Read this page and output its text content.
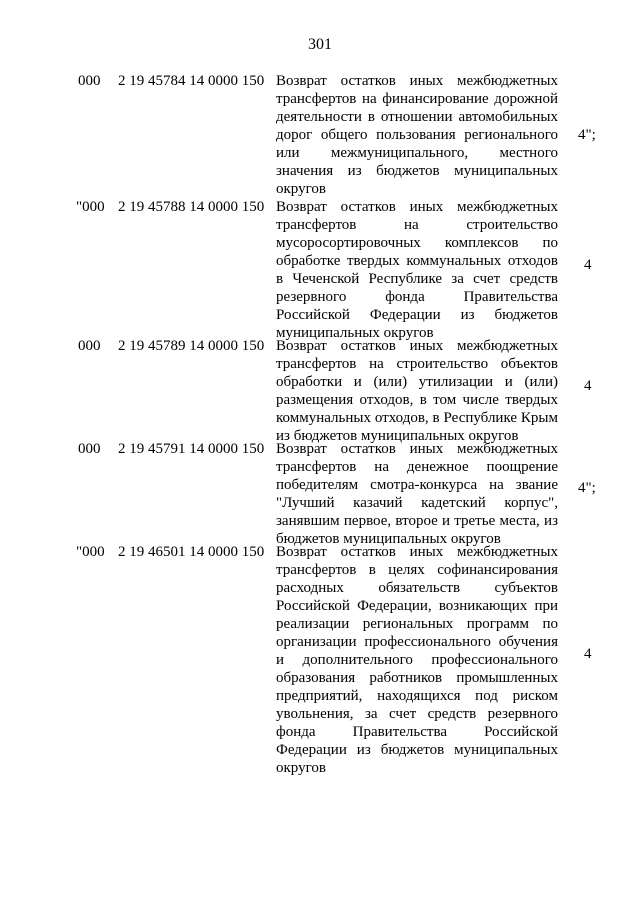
301
000 2 19 45784 14 0000 150 Возврат остатков иных межбюджетных
трансфертов на финансирование дорожной
деятельности в отношении автомобильных
дорог общего пользования регионального
или межмуниципального, местного
значения из бюджетов муниципальных
округов
4";
"000 2 19 45788 14 0000 150 Возврат остатков иных межбюджетных
трансфертов на строительство
мусоросортировочных комплексов по
обработке твердых коммунальных отходов
в Чеченской Республике за счет средств
резервного фонда Правительства
Российской Федерации из бюджетов
муниципальных округов
4
000 2 19 45789 14 0000 150 Возврат остатков иных межбюджетных
трансфертов на строительство объектов
обработки и (или) утилизации и (или)
размещения отходов, в том числе твердых
коммунальных отходов, в Республике Крым
из бюджетов муниципальных округов
4
000 2 19 45791 14 0000 150 Возврат остатков иных межбюджетных
трансфертов на денежное поощрение
победителям смотра-конкурса на звание
"Лучший казачий кадетский корпус",
занявшим первое, второе и третье места, из
бюджетов муниципальных округов
4";
"000 2 19 46501 14 0000 150 Возврат остатков иных межбюджетных
трансфертов в целях софинансирования
расходных обязательств субъектов
Российской Федерации, возникающих при
реализации региональных программ по
организации профессионального обучения
и дополнительного профессионального
образования работников промышленных
предприятий, находящихся под риском
увольнения, за счет средств резервного
фонда Правительства Российской
Федерации из бюджетов муниципальных
округов
4
